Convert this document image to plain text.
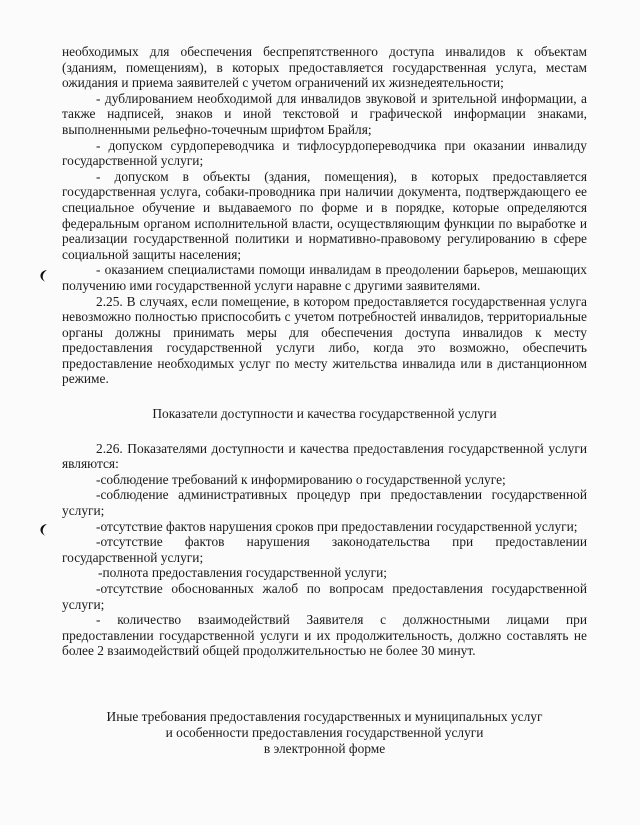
необходимых для обеспечения беспрепятственного доступа инвалидов к объектам (зданиям, помещениям), в которых предоставляется государственная услуга, местам ожидания и приема заявителей с учетом ограничений их жизнедеятельности;

- дублированием необходимой для инвалидов звуковой и зрительной информации, а также надписей, знаков и иной текстовой и графической информации знаками, выполненными рельефно-точечным шрифтом Брайля;

- допуском сурдопереводчика и тифлосурдопереводчика при оказании инвалиду государственной услуги;

- допуском в объекты (здания, помещения), в которых предоставляется государственная услуга, собаки-проводника при наличии документа, подтверждающего ее специальное обучение и выдаваемого по форме и в порядке, которые определяются федеральным органом исполнительной власти, осуществляющим функции по выработке и реализации государственной политики и нормативно-правовому регулированию в сфере социальной защиты населения;

- оказанием специалистами помощи инвалидам в преодолении барьеров, мешающих получению ими государственной услуги наравне с другими заявителями.

2.25. В случаях, если помещение, в котором предоставляется государственная услуга невозможно полностью приспособить с учетом потребностей инвалидов, территориальные органы должны принимать меры для обеспечения доступа инвалидов к месту предоставления государственной услуги либо, когда это возможно, обеспечить предоставление необходимых услуг по месту жительства инвалида или в дистанционном режиме.

Показатели доступности и качества государственной услуги

2.26. Показателями доступности и качества предоставления государственной услуги являются:

-соблюдение требований к информированию о государственной услуге;

-соблюдение административных процедур при предоставлении государственной услуги;

-отсутствие фактов нарушения сроков при предоставлении государственной услуги;

-отсутствие фактов нарушения законодательства при предоставлении государственной услуги;

-полнота предоставления государственной услуги;

-отсутствие обоснованных жалоб по вопросам предоставления государственной услуги;

- количество взаимодействий Заявителя с должностными лицами при предоставлении государственной услуги и их продолжительность, должно составлять не более 2 взаимодействий общей продолжительностью не более 30 минут.

Иные требования предоставления государственных и муниципальных услуг

и особенности предоставления государственной услуги

в электронной форме
